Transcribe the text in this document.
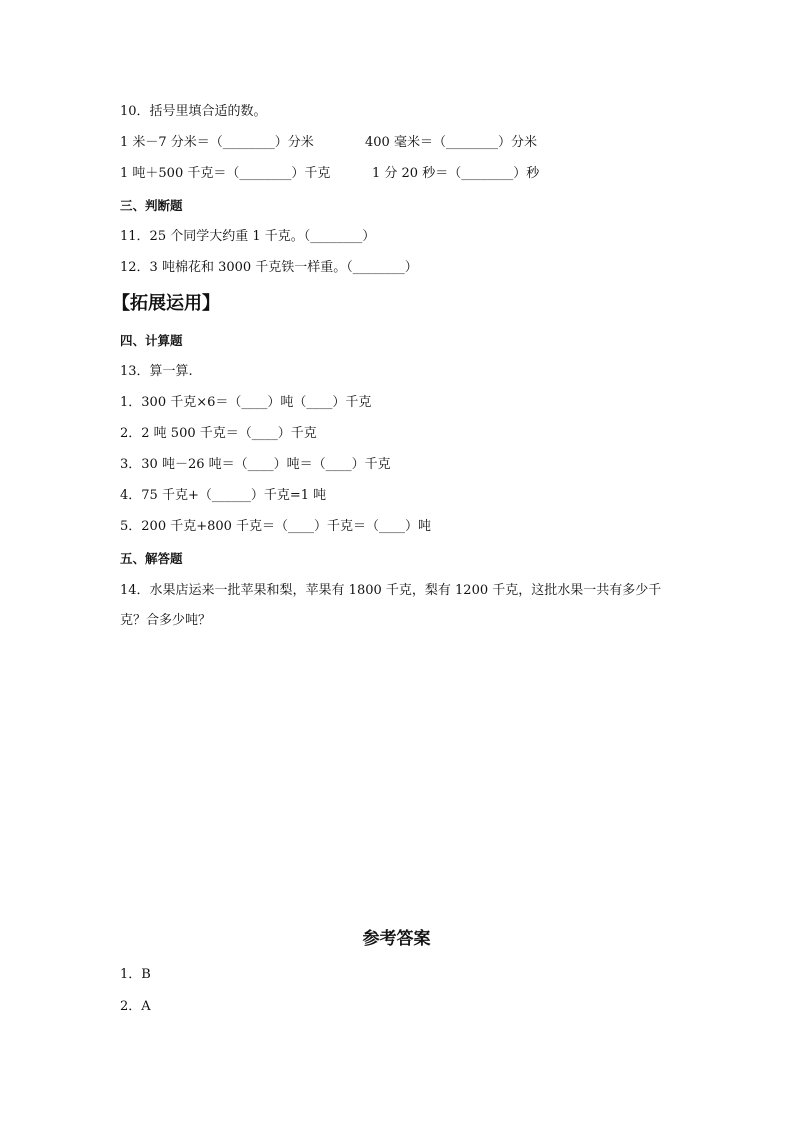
10．括号里填合适的数。
1 米－7 分米＝（________）分米	400 毫米＝（________）分米
1 吨＋500 千克＝（________）千克	1 分 20 秒＝（________）秒
三、判断题
11．25 个同学大约重 1 千克。（________）
12．3 吨棉花和 3000 千克铁一样重。（________）
【拓展运用】
四、计算题
13．算一算.
1．300 千克×6＝（____）吨（____）千克
2．2 吨 500 千克＝（____）千克
3．30 吨－26 吨＝（____）吨＝（____）千克
4．75 千克+（______）千克=1 吨
5．200 千克+800 千克＝（____）千克＝（____）吨
五、解答题
14．水果店运来一批苹果和梨，苹果有 1800 千克，梨有 1200 千克，这批水果一共有多少千
克？合多少吨？
参考答案
1．B
2．A
